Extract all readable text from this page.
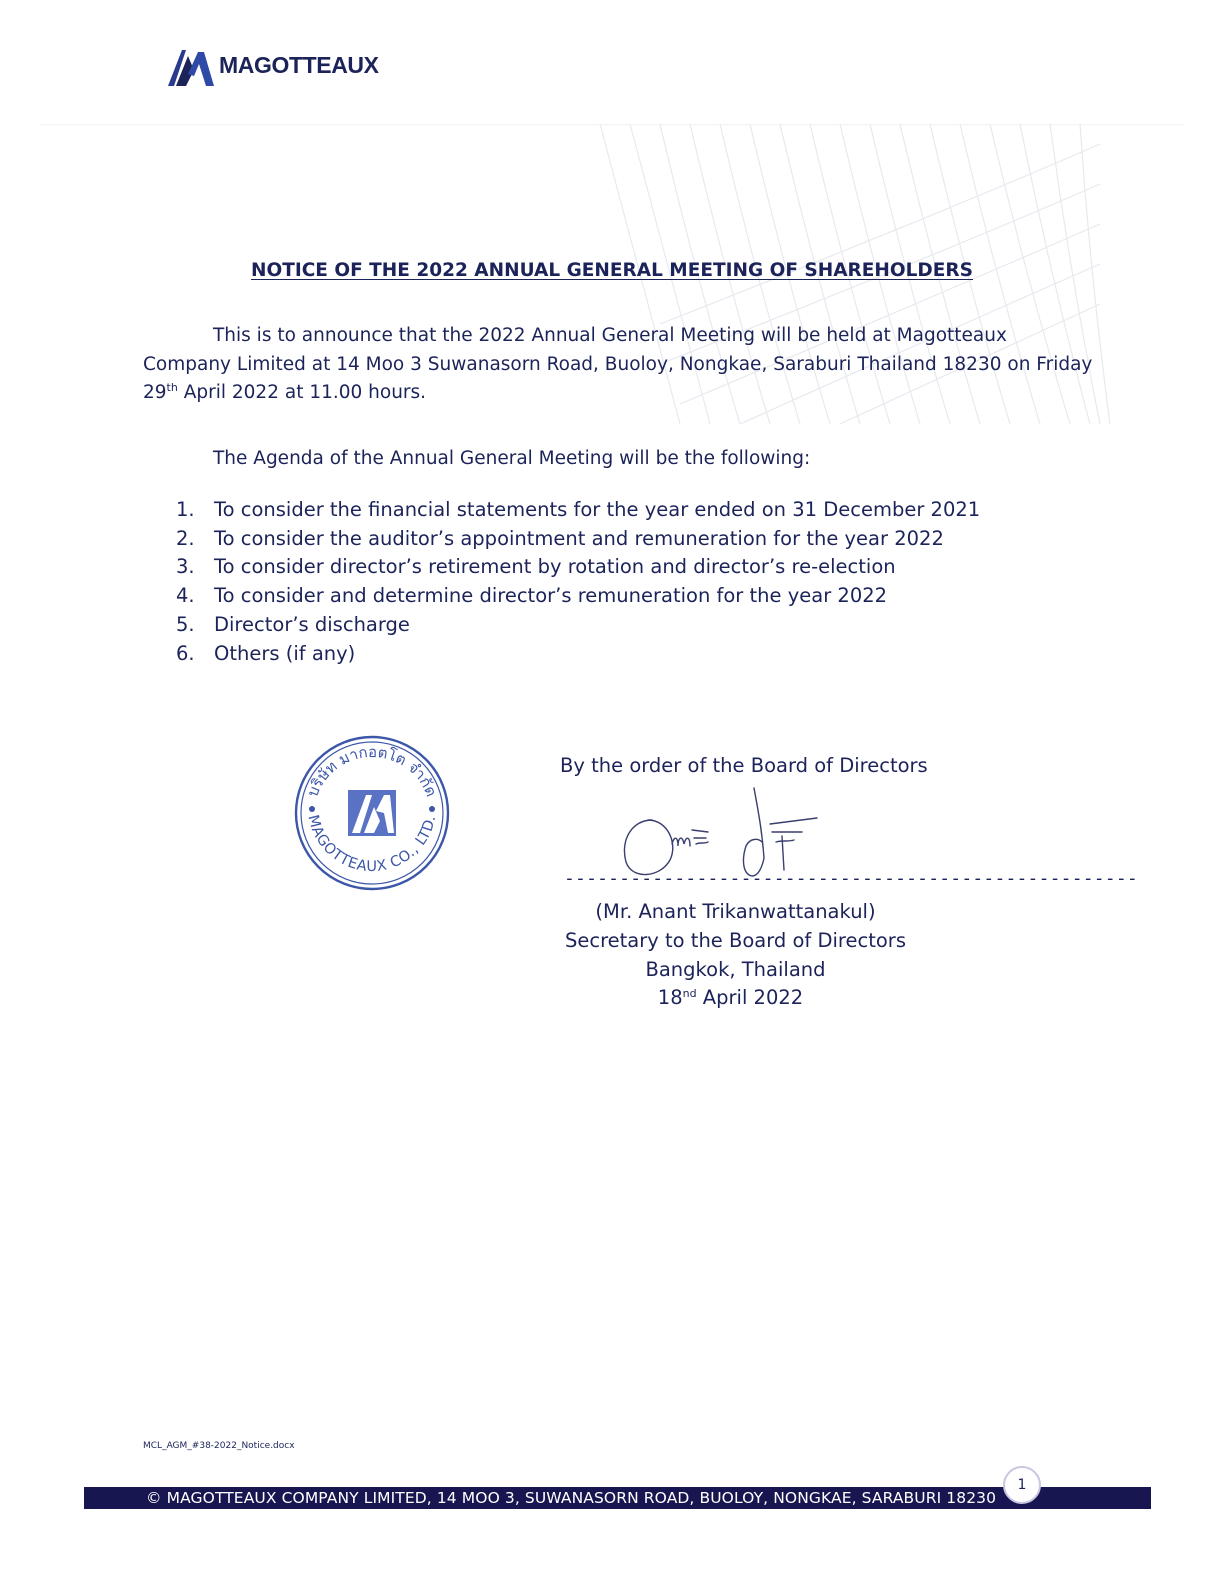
MAGOTTEAUX
NOTICE OF THE 2022 ANNUAL GENERAL MEETING OF SHAREHOLDERS
This is to announce that the 2022 Annual General Meeting will be held at Magotteaux Company Limited at 14 Moo 3 Suwanasorn Road, Buoloy, Nongkae, Saraburi Thailand 18230 on Friday 29th April 2022 at 11.00 hours.
The Agenda of the Annual General Meeting will be the following:
1. To consider the financial statements for the year ended on 31 December 2021
2. To consider the auditor’s appointment and remuneration for the year 2022
3. To consider director’s retirement by rotation and director’s re-election
4. To consider and determine director’s remuneration for the year 2022
5. Director’s discharge
6. Others (if any)
บริษัท มากอตโต จำกัด
MAGOTTEAUX CO., LTD.
By the order of the Board of Directors
----------------------------------------------------
(Mr. Anant Trikanwattanakul)
Secretary to the Board of Directors
Bangkok, Thailand
18nd April 2022
MCL_AGM_#38-2022_Notice.docx
© MAGOTTEAUX COMPANY LIMITED, 14 MOO 3, SUWANASORN ROAD, BUOLOY, NONGKAE, SARABURI 18230
1
